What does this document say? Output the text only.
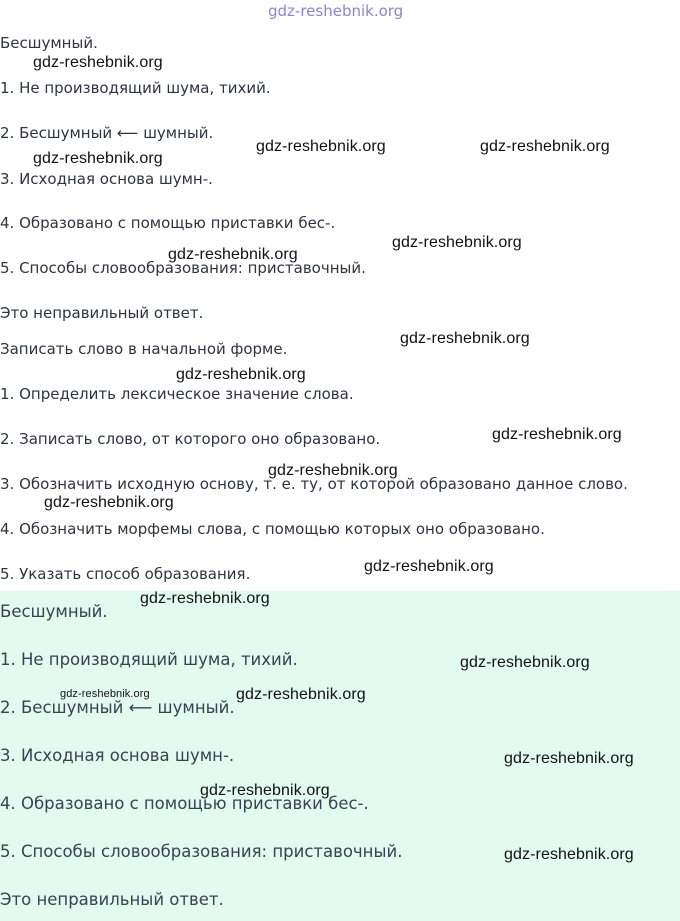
gdz-reshebnik.org
Бесшумный.
1. Не производящий шума, тихий.
2. Бесшумный ⟵ шумный.
3. Исходная основа шумн-.
4. Образовано с помощью приставки бес-.
5. Способы словообразования: приставочный.
Это неправильный ответ.
Записать слово в начальной форме.
1. Определить лексическое значение слова.
2. Записать слово, от которого оно образовано.
3. Обозначить исходную основу, т. е. ту, от которой образовано данное слово.
4. Обозначить морфемы слова, с помощью которых оно образовано.
5. Указать способ образования.
Бесшумный.
1. Не производящий шума, тихий.
2. Бесшумный ⟵ шумный.
3. Исходная основа шумн-.
4. Образовано с помощью приставки бес-.
5. Способы словообразования: приставочный.
Это неправильный ответ.
gdz-reshebnik.org
gdz-reshebnik.org	gdz-reshebnik.org
gdz-reshebnik.org
gdz-reshebnik.org
gdz-reshebnik.org
gdz-reshebnik.org
gdz-reshebnik.org
gdz-reshebnik.org
gdz-reshebnik.org
gdz-reshebnik.org
gdz-reshebnik.org
gdz-reshebnik.org
gdz-reshebnik.org
gdz-reshebnik.org	gdz-reshebnik.org
gdz-reshebnik.org
gdz-reshebnik.org
gdz-reshebnik.org
